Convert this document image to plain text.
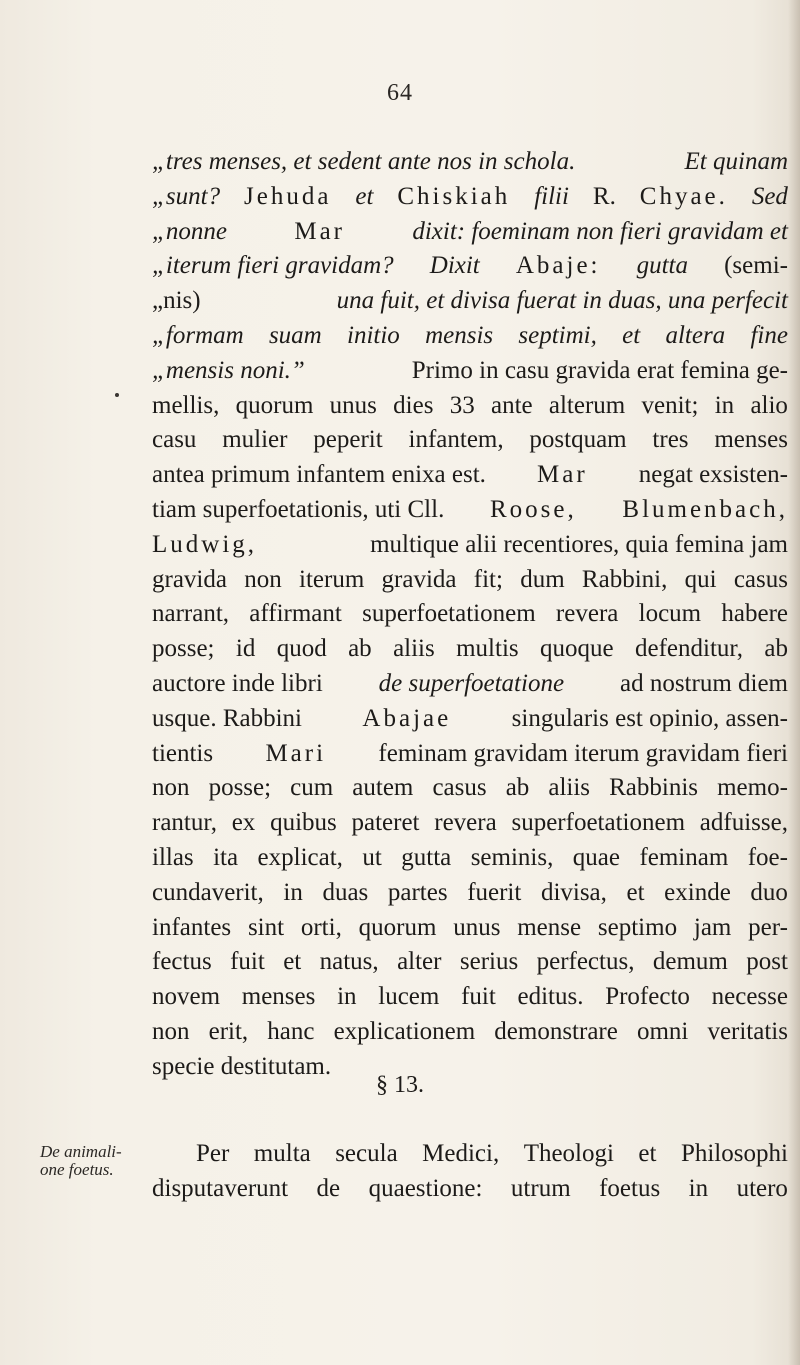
64
„tres menses, et sedent ante nos in schola.	Et quinam
„sunt? Jehuda et Chiskiah filii R. Chyae. Sed
„nonne	Mar	dixit: foeminam non fieri gravidam et
„iterum fieri gravidam? Dixit Abaje: gutta (semi-
„nis)	una fuit, et divisa fuerat in duas, una perfecit
„formam suam initio mensis septimi, et altera fine
„mensis noni.”	Primo in casu gravida erat femina ge-
mellis, quorum unus dies 33 ante alterum venit; in alio
casu mulier peperit infantem, postquam tres menses
antea primum infantem enixa est. Mar negat exsisten-
tiam superfoetationis, uti Cll. Roose, Blumenbach,
Ludwig,	multique alii recentiores, quia femina jam
gravida non iterum gravida fit; dum Rabbini, qui casus
narrant, affirmant superfoetationem revera locum habere
posse; id quod ab aliis multis quoque defenditur, ab
auctore inde libri de superfoetatione ad nostrum diem
usque. Rabbini Abajae singularis est opinio, assen-
tientis Mari feminam gravidam iterum gravidam fieri
non posse; cum autem casus ab aliis Rabbinis memo-
rantur, ex quibus pateret revera superfoetationem adfuisse,
illas ita explicat, ut gutta seminis, quae feminam foe-
cundaverit, in duas partes fuerit divisa, et exinde duo
infantes sint orti, quorum unus mense septimo jam per-
fectus fuit et natus, alter serius perfectus, demum post
novem menses in lucem fuit editus. Profecto necesse
non erit, hanc explicationem demonstrare omni veritatis
specie destitutam.
§ 13.
De animali-
one foetus.
Per multa secula Medici, Theologi et Philosophi
disputaverunt de quaestione: utrum foetus in utero
